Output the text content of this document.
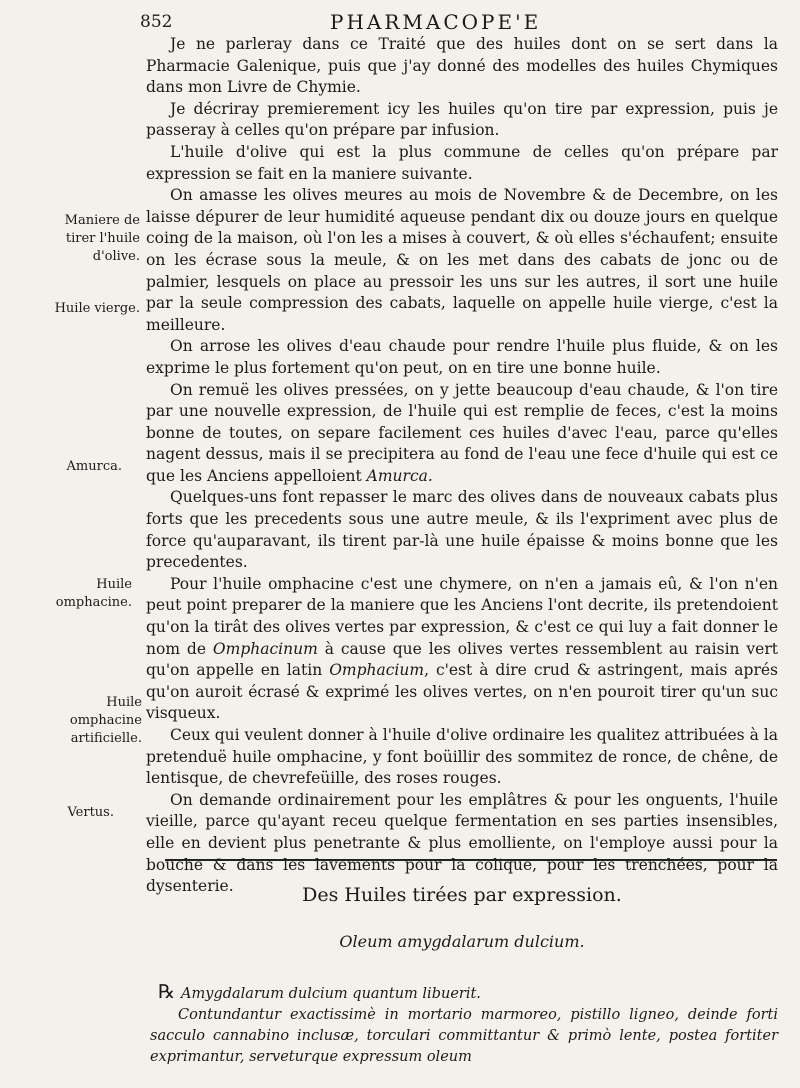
852	PHARMACOPE'E
Maniere de tirer l'huile d'olive.
Huile vierge.
Amurca.
Huile omphacine.
Huile omphacine artificielle.
Vertus.

Je ne parleray dans ce Traité que des huiles dont on se sert dans la Pharmacie Galenique, puis que j'ay donné des modelles des huiles Chymiques dans mon Livre de Chymie.

Je décriray premierement icy les huiles qu'on tire par expression, puis je passeray à celles qu'on prépare par infusion.

L'huile d'olive qui est la plus commune de celles qu'on prépare par expression se fait en la maniere suivante.

On amasse les olives meures au mois de Novembre & de Decembre, on les laisse dépurer de leur humidité aqueuse pendant dix ou douze jours en quelque coing de la maison, où l'on les a mises à couvert, & où elles s'échaufent; ensuite on les écrase sous la meule, & on les met dans des cabats de jonc ou de palmier, lesquels on place au pressoir les uns sur les autres, il sort une huile par la seule compression des cabats, laquelle on appelle huile vierge, c'est la meilleure.

On arrose les olives d'eau chaude pour rendre l'huile plus fluide, & on les exprime le plus fortement qu'on peut, on en tire une bonne huile.

On remuë les olives pressées, on y jette beaucoup d'eau chaude, & l'on tire par une nouvelle expression, de l'huile qui est remplie de feces, c'est la moins bonne de toutes, on separe facilement ces huiles d'avec l'eau, parce qu'elles nagent dessus, mais il se precipitera au fond de l'eau une fece d'huile qui est ce que les Anciens appelloient Amurca.

Quelques-uns font repasser le marc des olives dans de nouveaux cabats plus forts que les precedents sous une autre meule, & ils l'expriment avec plus de force qu'auparavant, ils tirent par-là une huile épaisse & moins bonne que les precedentes.

Pour l'huile omphacine c'est une chymere, on n'en a jamais eû, & l'on n'en peut point preparer de la maniere que les Anciens l'ont decrite, ils pretendoient qu'on la tirât des olives vertes par expression, & c'est ce qui luy a fait donner le nom de Omphacinum à cause que les olives vertes ressemblent au raisin vert qu'on appelle en latin Omphacium, c'est à dire crud & astringent, mais aprés qu'on auroit écrasé & exprimé les olives vertes, on n'en pouroit tirer qu'un suc visqueux.

Ceux qui veulent donner à l'huile d'olive ordinaire les qualitez attribuées à la pretenduë huile omphacine, y font boüillir des sommitez de ronce, de chêne, de lentisque, de chevrefeüille, des roses rouges.

On demande ordinairement pour les emplâtres & pour les onguents, l'huile vieille, parce qu'ayant receu quelque fermentation en ses parties insensibles, elle en devient plus penetrante & plus emolliente, on l'employe aussi pour la bouche & dans les lavements pour la colique, pour les trenchées, pour la dysenterie.	Des Huiles tirées par expression.
Oleum amygdalarum dulcium.

℞ Amygdalarum dulcium quantum libuerit.

Contundantur exactissimè in mortario marmoreo, pistillo ligneo, deinde forti sacculo cannabino inclusæ, torculari committantur & primò lente, postea fortiter exprimantur, serveturque expressum oleum
